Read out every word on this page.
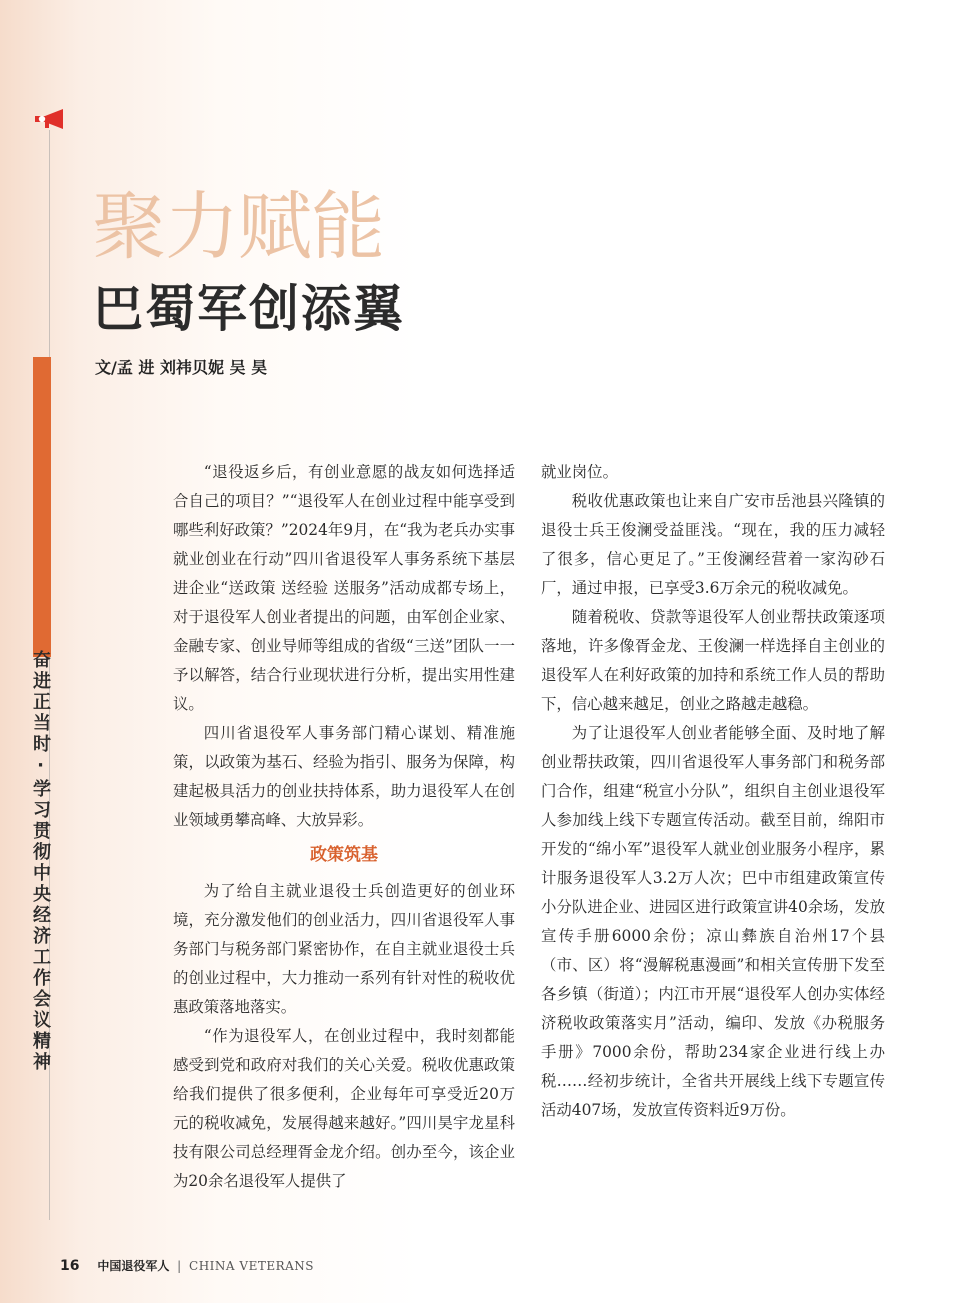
奋进正当时·学习贯彻中央经济工作会议精神
聚力赋能
巴蜀军创添翼
文/孟 进 刘祎贝妮 吴 昊

“退役返乡后，有创业意愿的战友如何选择适合自己的项目？”“退役军人在创业过程中能享受到哪些利好政策？”2024年9月，在“我为老兵办实事 就业创业在行动”四川省退役军人事务系统下基层进企业“送政策 送经验 送服务”活动成都专场上，对于退役军人创业者提出的问题，由军创企业家、金融专家、创业导师等组成的省级“三送”团队一一予以解答，结合行业现状进行分析，提出实用性建议。

四川省退役军人事务部门精心谋划、精准施策，以政策为基石、经验为指引、服务为保障，构建起极具活力的创业扶持体系，助力退役军人在创业领域勇攀高峰、大放异彩。

政策筑基

为了给自主就业退役士兵创造更好的创业环境，充分激发他们的创业活力，四川省退役军人事务部门与税务部门紧密协作，在自主就业退役士兵的创业过程中，大力推动一系列有针对性的税收优惠政策落地落实。

“作为退役军人，在创业过程中，我时刻都能感受到党和政府对我们的关心关爱。税收优惠政策给我们提供了很多便利，企业每年可享受近20万元的税收减免，发展得越来越好。”四川昊宇龙星科技有限公司总经理胥金龙介绍。创办至今，该企业为20余名退役军人提供了

就业岗位。

税收优惠政策也让来自广安市岳池县兴隆镇的退役士兵王俊澜受益匪浅。“现在，我的压力减轻了很多，信心更足了。”王俊澜经营着一家沟砂石厂，通过申报，已享受3.6万余元的税收减免。

随着税收、贷款等退役军人创业帮扶政策逐项落地，许多像胥金龙、王俊澜一样选择自主创业的退役军人在利好政策的加持和系统工作人员的帮助下，信心越来越足，创业之路越走越稳。

为了让退役军人创业者能够全面、及时地了解创业帮扶政策，四川省退役军人事务部门和税务部门合作，组建“税宣小分队”，组织自主创业退役军人参加线上线下专题宣传活动。截至目前，绵阳市开发的“绵小军”退役军人就业创业服务小程序，累计服务退役军人3.2万人次；巴中市组建政策宣传小分队进企业、进园区进行政策宣讲40余场，发放宣传手册6000余份；凉山彝族自治州17个县（市、区）将“漫解税惠漫画”和相关宣传册下发至各乡镇（街道）；内江市开展“退役军人创办实体经济税收政策落实月”活动，编印、发放《办税服务手册》7000余份，帮助234家企业进行线上办税……经初步统计，全省共开展线上线下专题宣传活动407场，发放宣传资料近9万份。

16 中国退役军人 | CHINA VETERANS
